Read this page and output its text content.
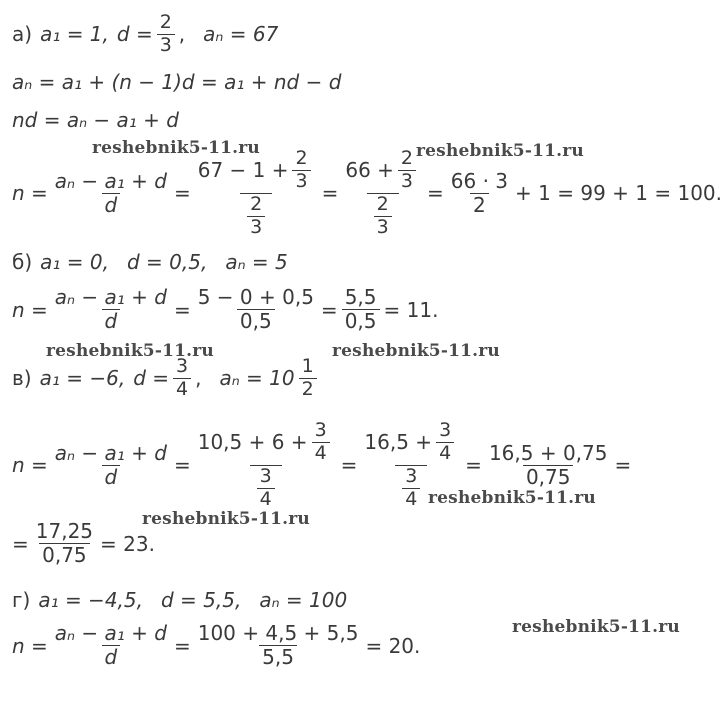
а) a₁ = 1, $d = \frac{2}{3}$ , aₙ = 67
aₙ = a₁ + (n − 1)d = a₁ + nd − d
nd = aₙ − a₁ + d
$n = \frac{\text{aₙ − a₁ + d}}{d} = \frac{67 - 1 + \frac{2}{3}}{\frac{2}{3}} = \frac{66 + \frac{2}{3}}{\frac{2}{3}} = \frac{66 \cdot 3}{2} + 1 = 99 + 1 = 100$.
б) a₁ = 0, d = 0,5, aₙ = 5
$n = \frac{\text{aₙ − a₁ + d}}{d} = \frac{5 - 0 + 0,5}{0,5} = \frac{5,5}{0,5} = 11$.
в) a₁ = −6, $d = \frac{3}{4}$ , $a_n = 10 \frac{1}{2}$
$n = \frac{\text{aₙ − a₁ + d}}{d} = \frac{10,5 + 6 + \frac{3}{4}}{\frac{3}{4}} = \frac{16,5 + \frac{3}{4}}{\frac{3}{4}} = \frac{16,5 + 0,75}{0,75}$ =
= $\frac{17,25}{0,75} = 23$.
г) a₁ = −4,5, d = 5,5, aₙ = 100
$n = \frac{\text{aₙ − a₁ + d}}{d} = \frac{100 + 4,5 + 5,5}{5,5} = 20$.
reshebnik5-11.ru	reshebnik5-11.ru
reshebnik5-11.ru	reshebnik5-11.ru
reshebnik5-11.ru
reshebnik5-11.ru
reshebnik5-11.ru
